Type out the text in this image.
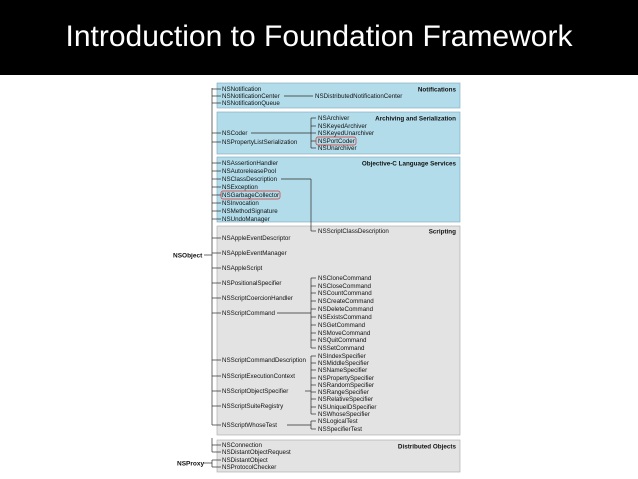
Introduction to Foundation Framework
Notifications
Archiving and Serialization
Objective-C Language Services
Scripting
Distributed Objects
NSObject
NSProxy
NSNotification
NSNotificationCenter
NSNotificationQueue
NSDistributedNotificationCenter
NSCoder
NSPropertyListSerialization
NSArchiver
NSKeyedArchiver
NSKeyedUnarchiver
NSPortCoder
NSUnarchiver
NSAssertionHandler
NSAutoreleasePool
NSClassDescription
NSException
NSGarbageCollector
NSInvocation
NSMethodSignature
NSUndoManager
NSScriptClassDescription
NSAppleEventDescriptor
NSAppleEventManager
NSAppleScript
NSPositionalSpecifier
NSScriptCoercionHandler
NSScriptCommand
NSScriptCommandDescription
NSScriptExecutionContext
NSScriptObjectSpecifier
NSScriptSuiteRegistry
NSScriptWhoseTest
NSCloneCommand
NSCloseCommand
NSCountCommand
NSCreateCommand
NSDeleteCommand
NSExistsCommand
NSGetCommand
NSMoveCommand
NSQuitCommand
NSSetCommand
NSIndexSpecifier
NSMiddleSpecifier
NSNameSpecifier
NSPropertySpecifier
NSRandomSpecifier
NSRangeSpecifier
NSRelativeSpecifier
NSUniqueIDSpecifier
NSWhoseSpecifier
NSLogicalTest
NSSpecifierTest
NSConnection
NSDistantObjectRequest
NSDistantObject
NSProtocolChecker
